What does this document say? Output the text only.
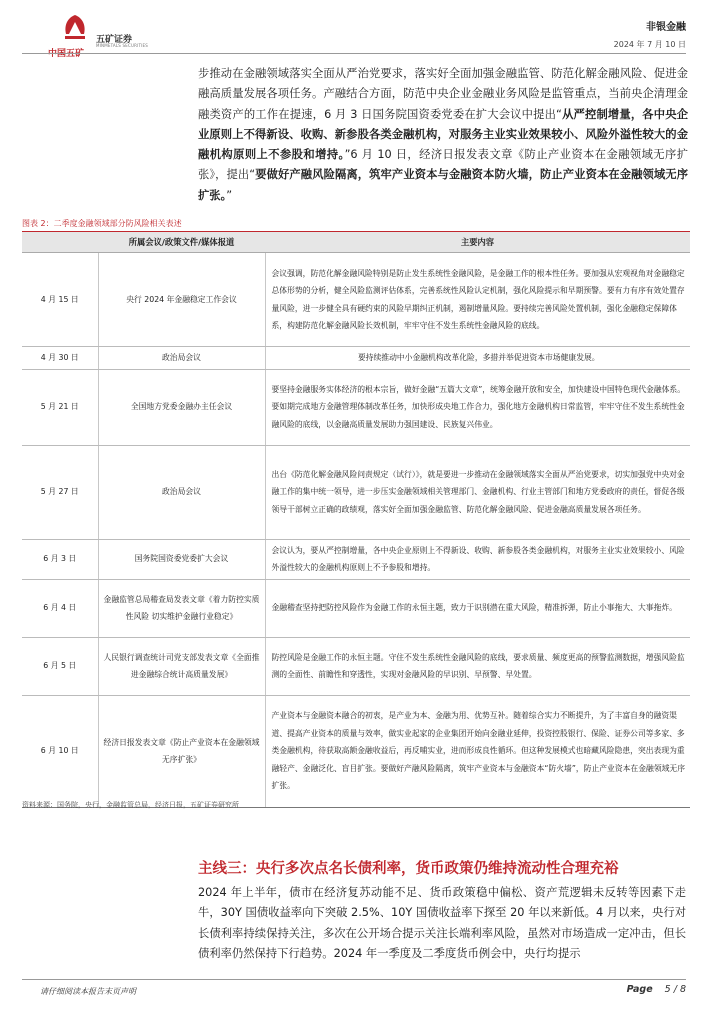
中国五矿
五矿证券
MINMETALS SECURITIES
非银金融
2024 年 7 月 10 日
步推动在金融领域落实全面从严治党要求，落实好全面加强金融监管、防范化解金融风险、促进金融高质量发展各项任务。产融结合方面，防范中央企业金融业务风险是监管重点，当前央企清理金融类资产的工作在提速，6 月 3 日国务院国资委党委在扩大会议中提出“从严控制增量，各中央企业原则上不得新设、收购、新参股各类金融机构，对服务主业实业效果较小、风险外溢性较大的金融机构原则上不参股和增持。”6 月 10 日，经济日报发表文章《防止产业资本在金融领域无序扩张》，提出“要做好产融风险隔离，筑牢产业资本与金融资本防火墙，防止产业资本在金融领域无序扩张。”
图表 2：二季度金融领域部分防风险相关表述
	所属会议/政策文件/媒体报道	主要内容
4 月 15 日	央行 2024 年金融稳定工作会议	会议强调，防范化解金融风险特别是防止发生系统性金融风险，是金融工作的根本性任务。要加强从宏观视角对金融稳定总体形势的分析，健全风险监测评估体系，完善系统性风险认定机制，强化风险提示和早期预警。要有力有序有效处置存量风险，进一步健全具有硬约束的风险早期纠正机制，遏制增量风险。要持续完善风险处置机制，强化金融稳定保障体系，构建防范化解金融风险长效机制，牢牢守住不发生系统性金融风险的底线。
4 月 30 日	政治局会议	要持续推动中小金融机构改革化险，多措并举促进资本市场健康发展。
5 月 21 日	全国地方党委金融办主任会议	要坚持金融服务实体经济的根本宗旨，做好金融“五篇大文章”，统筹金融开放和安全，加快建设中国特色现代金融体系。要如期完成地方金融管理体制改革任务，加快形成央地工作合力，强化地方金融机构日常监管，牢牢守住不发生系统性金融风险的底线，以金融高质量发展助力强国建设、民族复兴伟业。
5 月 27 日	政治局会议	出台《防范化解金融风险问责规定（试行）》，就是要进一步推动在金融领域落实全面从严治党要求，切实加强党中央对金融工作的集中统一领导，进一步压实金融领域相关管理部门、金融机构、行业主管部门和地方党委政府的责任，督促各级领导干部树立正确的政绩观，落实好全面加强金融监管、防范化解金融风险、促进金融高质量发展各项任务。
6 月 3 日	国务院国资委党委扩大会议	会议认为，要从严控制增量，各中央企业原则上不得新设、收购、新参股各类金融机构，对服务主业实业效果较小、风险外溢性较大的金融机构原则上不予参股和增持。
6 月 4 日	金融监管总局稽查局发表文章《着力防控实质性风险 切实维护金融行业稳定》	金融稽查坚持把防控风险作为金融工作的永恒主题，致力于识别潜在重大风险，精准拆弹，防止小事拖大、大事拖炸。
6 月 5 日	人民银行调查统计司党支部发表文章《全面推进金融综合统计高质量发展》	防控风险是金融工作的永恒主题。守住不发生系统性金融风险的底线，要求质量、频度更高的预警监测数据，增强风险监测的全面性、前瞻性和穿透性，实现对金融风险的早识别、早预警、早处置。
6 月 10 日	经济日报发表文章《防止产业资本在金融领域无序扩张》	产业资本与金融资本融合的初衷，是产业为本、金融为用、优势互补。随着综合实力不断提升，为了丰富自身的融资渠道、提高产业资本的质量与效率，做实业起家的企业集团开始向金融业延伸，投资控股银行、保险、证券公司等多家、多类金融机构，待获取高额金融收益后，再反哺实业，进而形成良性循环。但这种发展模式也暗藏风险隐患，突出表现为重融轻产、金融泛化、盲目扩张。要做好产融风险隔离，筑牢产业资本与金融资本“防火墙”，防止产业资本在金融领域无序扩张。
资料来源：国务院，央行，金融监管总局，经济日报，五矿证券研究所
主线三：央行多次点名长债利率，货币政策仍维持流动性合理充裕
2024 年上半年，债市在经济复苏动能不足、货币政策稳中偏松、资产荒逻辑未反转等因素下走牛，30Y 国债收益率向下突破 2.5%、10Y 国债收益率下探至 20 年以来新低。4 月以来，央行对长债利率持续保持关注，多次在公开场合提示关注长端利率风险，虽然对市场造成一定冲击，但长债利率仍然保持下行趋势。2024 年一季度及二季度货币例会中，央行均提示
请仔细阅读本报告末页声明	Page 5 / 8
